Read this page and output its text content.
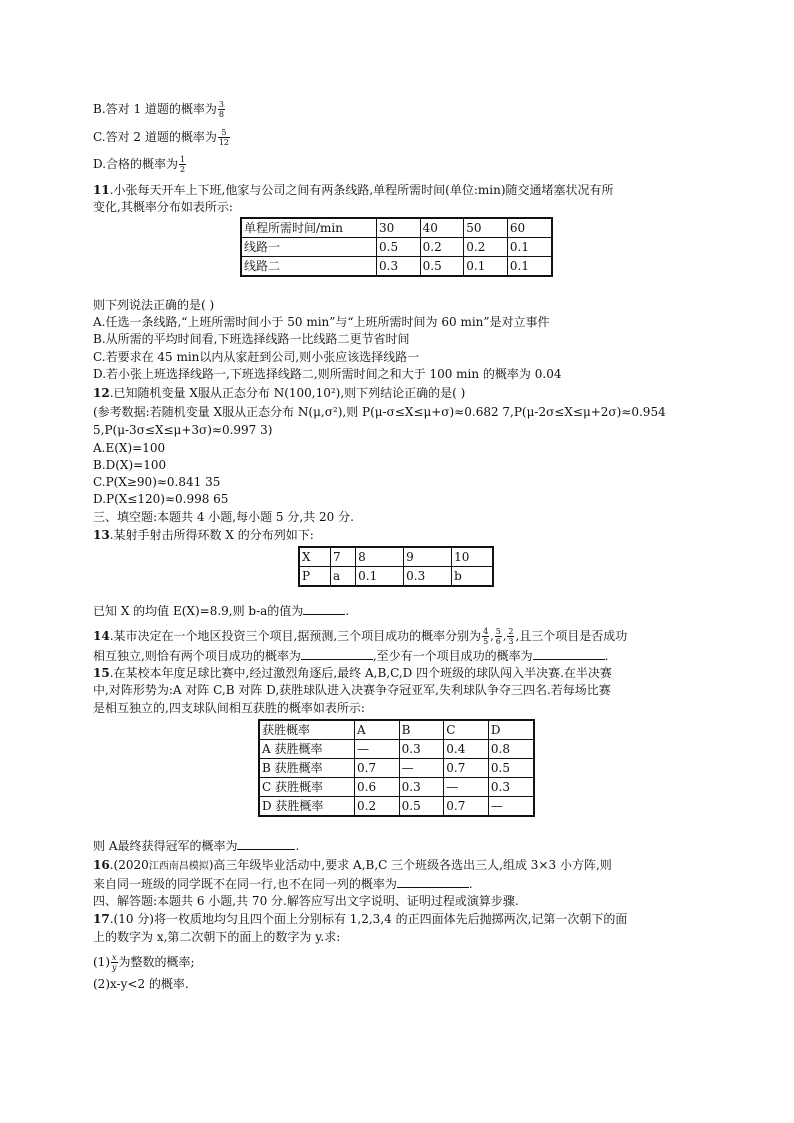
B.答对 1 道题的概率为 $\frac{3}{8}$
C.答对 2 道题的概率为 $\frac{5}{12}$
D.合格的概率为 $\frac{1}{2}$
11.小张每天开车上下班,他家与公司之间有两条线路,单程所需时间(单位:min)随交通堵塞状况有所
变化,其概率分布如表所示:
单程所需时间/min	30	40	50	60
线路一	0.5	0.2	0.2	0.1
线路二	0.3	0.5	0.1	0.1
则下列说法正确的是( )
A.任选一条线路,“上班所需时间小于 50 min”与“上班所需时间为 60 min”是对立事件
B.从所需的平均时间看,下班选择线路一比线路二更节省时间
C.若要求在 45 min以内从家赶到公司,则小张应该选择线路一
D.若小张上班选择线路一,下班选择线路二,则所需时间之和大于 100 min 的概率为 0.04
12.已知随机变量 X服从正态分布 N(100,10²),则下列结论正确的是( )
(参考数据:若随机变量 X服从正态分布 N(μ,σ²),则 P(μ-σ≤X≤μ+σ)≈0.682 7,P(μ-2σ≤X≤μ+2σ)≈0.954
5,P(μ-3σ≤X≤μ+3σ)≈0.997 3)
A.E(X)=100
B.D(X)=100
C.P(X≥90)≈0.841 35
D.P(X≤120)≈0.998 65
三、填空题:本题共 4 小题,每小题 5 分,共 20 分.
13.某射手射击所得环数 X 的分布列如下:
X	7	8	9	10
P	a	0.1	0.3	b
已知 X 的均值 E(X)=8.9,则 b-a的值为	.
14.某市决定在一个地区投资三个项目,据预测,三个项目成功的概率分别为 $\frac{4}{5}$ , $\frac{5}{6}$ , $\frac{2}{3}$ ,且三个项目是否成功
相互独立,则恰有两个项目成功的概率为	,至少有一个项目成功的概率为	.
15.在某校本年度足球比赛中,经过激烈角逐后,最终 A,B,C,D 四个班级的球队闯入半决赛.在半决赛
中,对阵形势为:A 对阵 C,B 对阵 D,获胜球队进入决赛争夺冠亚军,失利球队争夺三四名.若每场比赛
是相互独立的,四支球队间相互获胜的概率如表所示:
获胜概率	A	B	C	D
A 获胜概率	—	0.3	0.4	0.8
B 获胜概率	0.7	—	0.7	0.5
C 获胜概率	0.6	0.3	—	0.3
D 获胜概率	0.2	0.5	0.7	—
则 A最终获得冠军的概率为	.
16.(2020江西南昌模拟)高三年级毕业活动中,要求 A,B,C 三个班级各选出三人,组成 3×3 小方阵,则
来自同一班级的同学既不在同一行,也不在同一列的概率为	.
四、解答题:本题共 6 小题,共 70 分.解答应写出文字说明、证明过程或演算步骤.
17.(10 分)将一枚质地均匀且四个面上分别标有 1,2,3,4 的正四面体先后抛掷两次,记第一次朝下的面
上的数字为 x,第二次朝下的面上的数字为 y.求:
$(1) \frac{x}{y}$ 为整数的概率;
(2)x-y<2 的概率.
